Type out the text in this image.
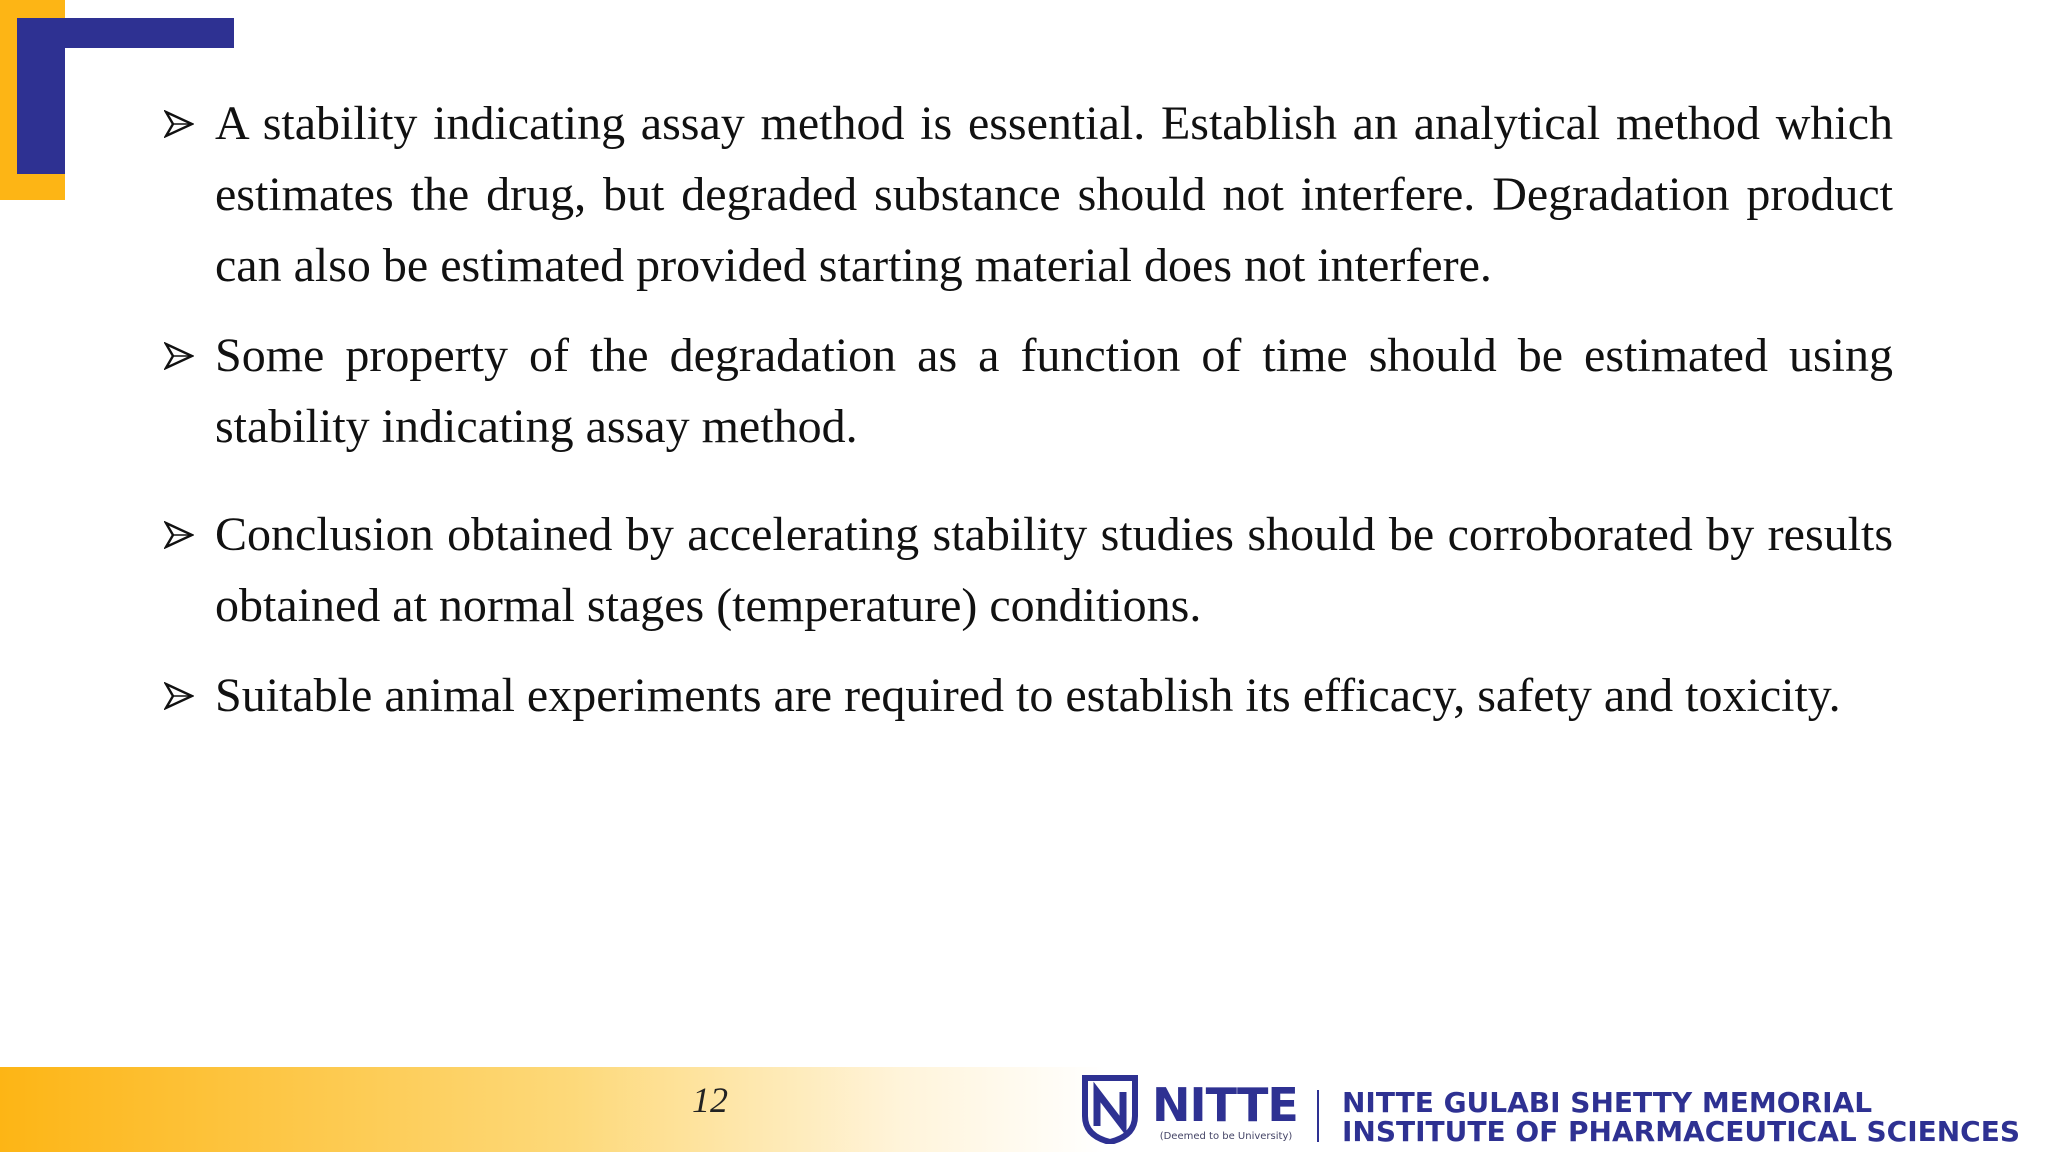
A stability indicating assay method is essential. Establish an analytical method which estimates the drug, but degraded substance should not interfere. Degradation product can also be estimated provided starting material does not interfere.
Some property of the degradation as a function of time should be estimated using stability indicating assay method.
Conclusion obtained by accelerating stability studies should be corroborated by results obtained at normal stages (temperature) conditions.
Suitable animal experiments are required to establish its efficacy, safety and toxicity.
12	NITTE
(Deemed to be University)
NITTE GULABI SHETTY MEMORIAL
INSTITUTE OF PHARMACEUTICAL SCIENCES
